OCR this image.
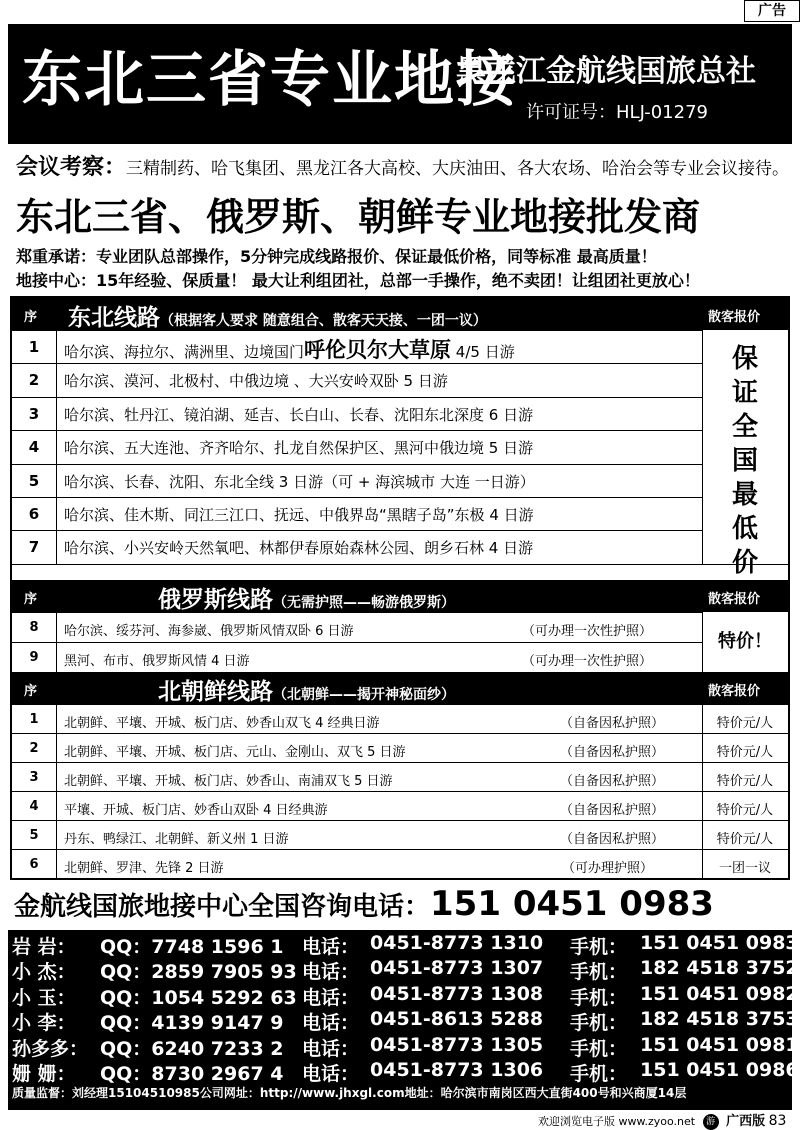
广告
东北三省专业地接
黑龙江金航线国旅总社
许可证号：HLJ-01279
会议考察：三精制药、哈飞集团、黑龙江各大高校、大庆油田、各大农场、哈治会等专业会议接待。
东北三省、俄罗斯、朝鲜专业地接批发商
郑重承诺：专业团队总部操作，5分钟完成线路报价、保证最低价格，同等标准 最高质量！
地接中心：15年经验、保质量！ 最大让利组团社，总部一手操作，绝不卖团！让组团社更放心！
序 东北线路（根据客人要求 随意组合、散客天天接、一团一议）	散客报价
1	哈尔滨、海拉尔、满洲里、边境国门呼伦贝尔大草原 4/5 日游
2	哈尔滨、漠河、北极村、中俄边境 、大兴安岭双卧 5 日游
3	哈尔滨、牡丹江、镜泊湖、延吉、长白山、长春、沈阳东北深度 6 日游
4	哈尔滨、五大连池、齐齐哈尔、扎龙自然保护区、黑河中俄边境 5 日游
5	哈尔滨、长春、沈阳、东北全线 3 日游（可 + 海滨城市 大连 一日游）
6	哈尔滨、佳木斯、同江三江口、抚远、中俄界岛“黑瞎子岛”东极 4 日游
7	哈尔滨、小兴安岭天然氧吧、林都伊春原始森林公园、朗乡石林 4 日游
保
证
全
国
最
低
价
序	俄罗斯线路（无需护照——畅游俄罗斯）	散客报价
8	哈尔滨、绥芬河、海参崴、俄罗斯风情双卧 6 日游	（可办理一次性护照）
9	黑河、布市、俄罗斯风情 4 日游	（可办理一次性护照）
特价！
序	北朝鲜线路（北朝鲜——揭开神秘面纱）	散客报价
1	北朝鲜、平壤、开城、板门店、妙香山双飞 4 经典日游	（自备因私护照）	特价元/人
2	北朝鲜、平壤、开城、板门店、元山、金刚山、双飞 5 日游	（自备因私护照）	特价元/人
3	北朝鲜、平壤、开城、板门店、妙香山、南浦双飞 5 日游	（自备因私护照）	特价元/人
4	平壤、开城、板门店、妙香山双卧 4 日经典游	（自备因私护照）	特价元/人
5	丹东、鸭绿江、北朝鲜、新义州 1 日游	（自备因私护照）	特价元/人
6	北朝鲜、罗津、先锋 2 日游	（可办理护照）	一团一议
金航线国旅地接中心全国咨询电话：151 0451 0983
岩 岩： QQ：7748 1596 1 电话： 0451-8773 1310 手机： 151 0451 0983
小 杰： QQ：2859 7905 93 电话： 0451-8773 1307 手机： 182 4518 3752
小 玉： QQ：1054 5292 63 电话： 0451-8773 1308 手机： 151 0451 0982
小 李： QQ：4139 9147 9 电话： 0451-8613 5288 手机： 182 4518 3753
孙多多： QQ：6240 7233 2 电话： 0451-8773 1305 手机： 151 0451 0981
姗 姗： QQ：8730 2967 4 电话： 0451-8773 1306 手机： 151 0451 0986
质量监督：刘经理15104510985公司网址：http://www.jhxgl.com地址：哈尔滨市南岗区西大直街400号和兴商厦14层
欢迎浏览电子版 www.zyoo.net 游 广西版 83
